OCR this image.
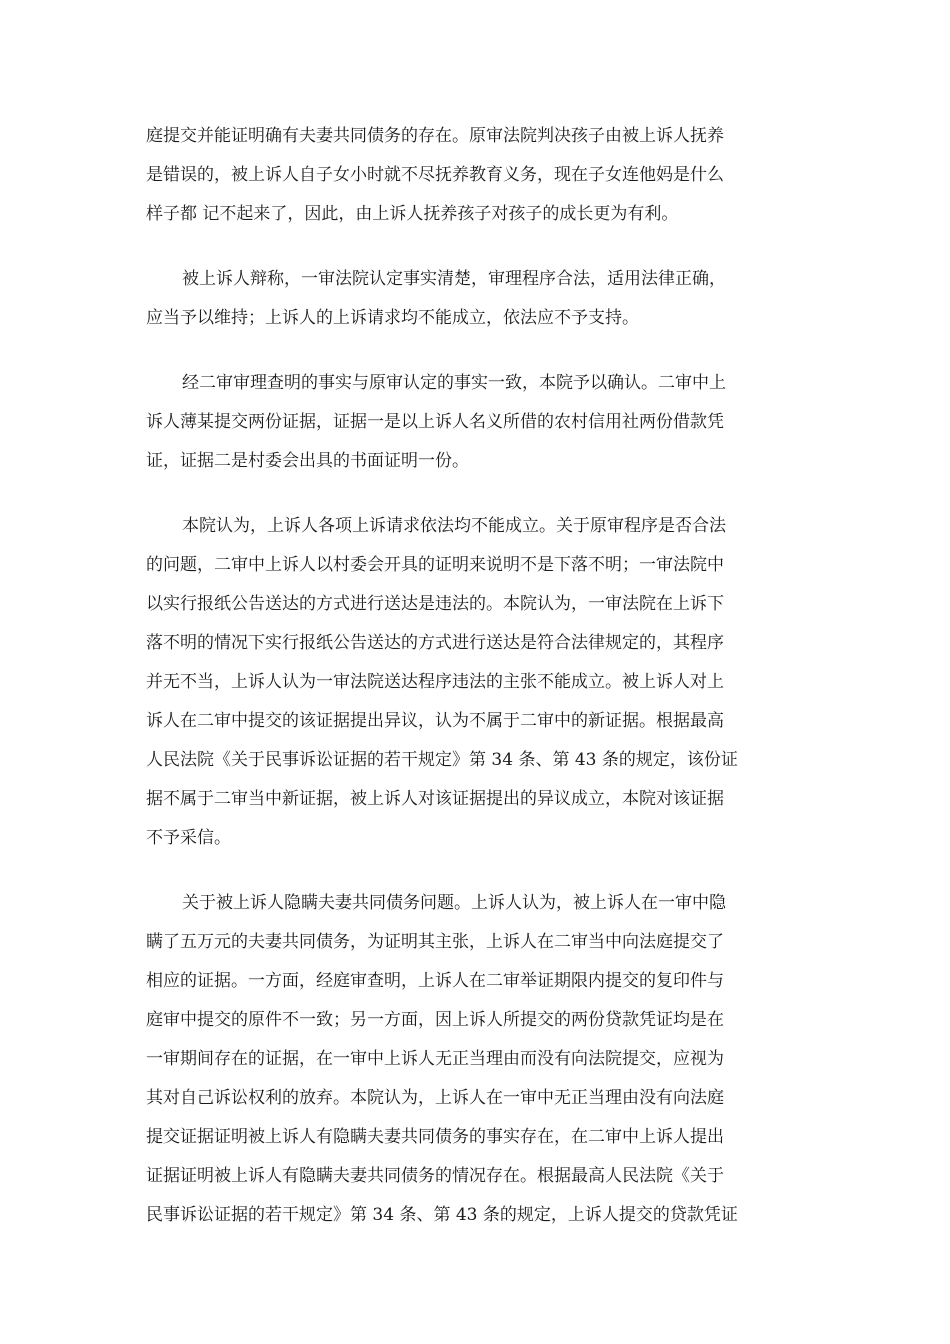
庭提交并能证明确有夫妻共同债务的存在。原审法院判决孩子由被上诉人抚养
是错误的，被上诉人自子女小时就不尽抚养教育义务，现在子女连他妈是什么
样子都 记不起来了，因此，由上诉人抚养孩子对孩子的成长更为有利。
被上诉人辩称，一审法院认定事实清楚，审理程序合法，适用法律正确，
应当予以维持；上诉人的上诉请求均不能成立，依法应不予支持。
经二审审理查明的事实与原审认定的事实一致，本院予以确认。二审中上
诉人薄某提交两份证据，证据一是以上诉人名义所借的农村信用社两份借款凭
证，证据二是村委会出具的书面证明一份。
本院认为，上诉人各项上诉请求依法均不能成立。关于原审程序是否合法
的问题，二审中上诉人以村委会开具的证明来说明不是下落不明；一审法院中
以实行报纸公告送达的方式进行送达是违法的。本院认为，一审法院在上诉下
落不明的情况下实行报纸公告送达的方式进行送达是符合法律规定的，其程序
并无不当，上诉人认为一审法院送达程序违法的主张不能成立。被上诉人对上
诉人在二审中提交的该证据提出异议，认为不属于二审中的新证据。根据最高
人民法院《关于民事诉讼证据的若干规定》第 34 条、第 43 条的规定，该份证
据不属于二审当中新证据，被上诉人对该证据提出的异议成立，本院对该证据
不予采信。
关于被上诉人隐瞒夫妻共同债务问题。上诉人认为，被上诉人在一审中隐
瞒了五万元的夫妻共同债务，为证明其主张，上诉人在二审当中向法庭提交了
相应的证据。一方面，经庭审查明，上诉人在二审举证期限内提交的复印件与
庭审中提交的原件不一致；另一方面，因上诉人所提交的两份贷款凭证均是在
一审期间存在的证据，在一审中上诉人无正当理由而没有向法院提交，应视为
其对自己诉讼权利的放弃。本院认为，上诉人在一审中无正当理由没有向法庭
提交证据证明被上诉人有隐瞒夫妻共同债务的事实存在，在二审中上诉人提出
证据证明被上诉人有隐瞒夫妻共同债务的情况存在。根据最高人民法院《关于
民事诉讼证据的若干规定》第 34 条、第 43 条的规定，上诉人提交的贷款凭证
